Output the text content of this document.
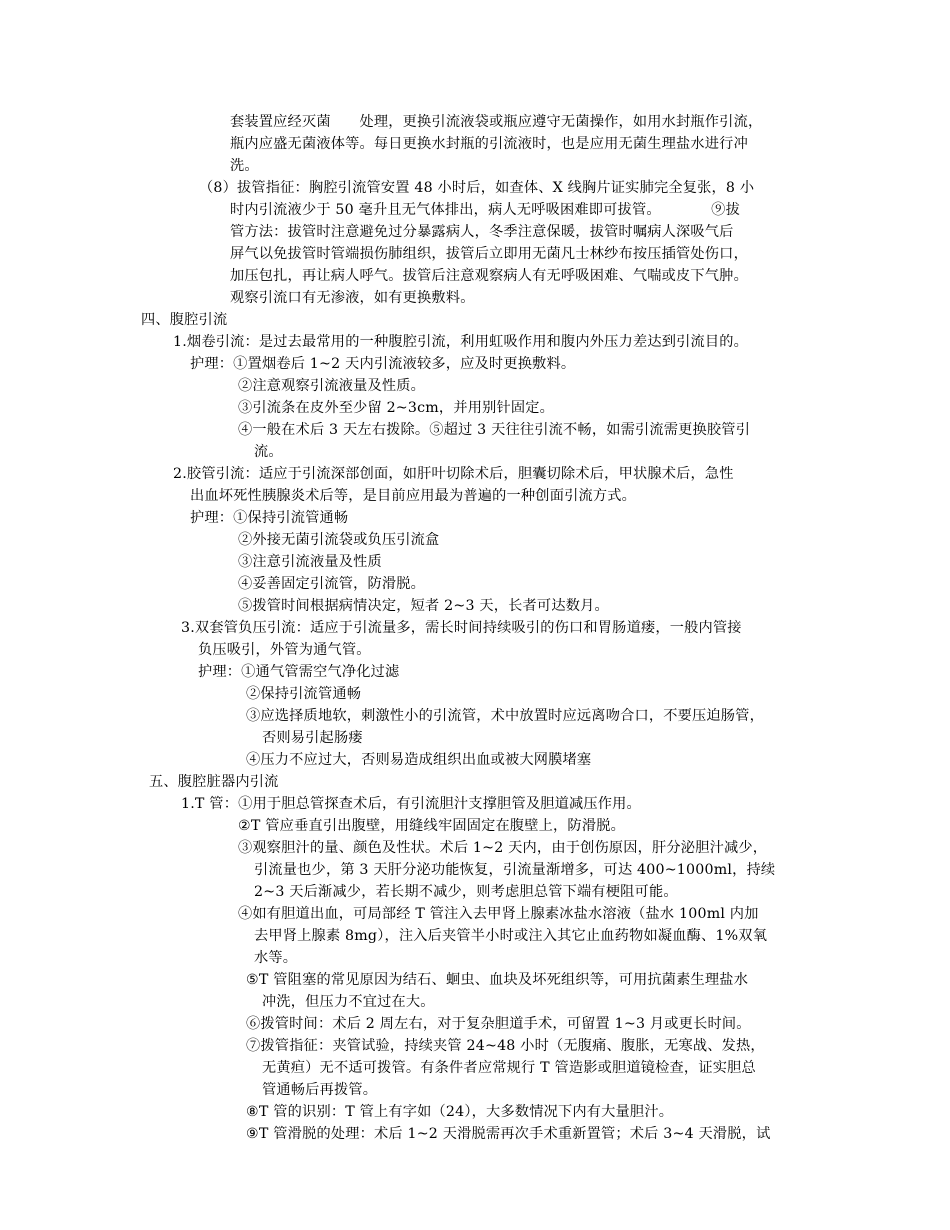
套装置应经灭菌　　处理，更换引流液袋或瓶应遵守无菌操作，如用水封瓶作引流，
瓶内应盛无菌液体等。每日更换水封瓶的引流液时，也是应用无菌生理盐水进行冲
洗。
（8）拔管指征：胸腔引流管安置 48 小时后，如查体、X 线胸片证实肺完全复张，8 小
时内引流液少于 50 毫升且无气体排出，病人无呼吸困难即可拔管。　　　　⑨拔
管方法：拔管时注意避免过分暴露病人，冬季注意保暖，拔管时嘱病人深吸气后
屏气以免拔管时管端损伤肺组织，拔管后立即用无菌凡士林纱布按压插管处伤口，
加压包扎，再让病人呼气。拔管后注意观察病人有无呼吸困难、气喘或皮下气肿。
观察引流口有无渗液，如有更换敷料。
四、腹腔引流
1.烟卷引流：是过去最常用的一种腹腔引流，利用虹吸作用和腹内外压力差达到引流目的。
护理：①置烟卷后 1~2 天内引流液较多，应及时更换敷料。
②注意观察引流液量及性质。
③引流条在皮外至少留 2~3cm，并用别针固定。
④一般在术后 3 天左右拨除。⑤超过 3 天往往引流不畅，如需引流需更换胶管引
流。
2.胶管引流：适应于引流深部创面，如肝叶切除术后，胆囊切除术后，甲状腺术后，急性
出血坏死性胰腺炎术后等，是目前应用最为普遍的一种创面引流方式。
护理：①保持引流管通畅
②外接无菌引流袋或负压引流盒
③注意引流液量及性质
④妥善固定引流管，防滑脱。
⑤拨管时间根据病情决定，短者 2~3 天，长者可达数月。
3.双套管负压引流：适应于引流量多，需长时间持续吸引的伤口和胃肠道瘘，一般内管接
负压吸引，外管为通气管。
护理：①通气管需空气净化过滤
②保持引流管通畅
③应选择质地软，刺激性小的引流管，术中放置时应远离吻合口，不要压迫肠管，
否则易引起肠瘘
④压力不应过大，否则易造成组织出血或被大网膜堵塞
五、腹腔脏器内引流
1.T 管：①用于胆总管探查术后，有引流胆汁支撑胆管及胆道减压作用。
②T 管应垂直引出腹壁，用缝线牢固固定在腹壁上，防滑脱。
③观察胆汁的量、颜色及性状。术后 1~2 天内，由于创伤原因，肝分泌胆汁减少，
引流量也少，第 3 天肝分泌功能恢复，引流量渐增多，可达 400~1000ml，持续
2~3 天后渐减少，若长期不减少，则考虑胆总管下端有梗阻可能。
④如有胆道出血，可局部经 T 管注入去甲肾上腺素冰盐水溶液（盐水 100ml 内加
去甲肾上腺素 8mg），注入后夹管半小时或注入其它止血药物如凝血酶、1%双氧
水等。
⑤T 管阻塞的常见原因为结石、蛔虫、血块及坏死组织等，可用抗菌素生理盐水
冲洗，但压力不宜过在大。
⑥拨管时间：术后 2 周左右，对于复杂胆道手术，可留置 1~3 月或更长时间。
⑦拨管指征：夹管试验，持续夹管 24~48 小时（无腹痛、腹胀，无寒战、发热，
无黄疸）无不适可拨管。有条件者应常规行 T 管造影或胆道镜检查，证实胆总
管通畅后再拨管。
⑧T 管的识别：T 管上有字如（24），大多数情况下内有大量胆汁。
⑨T 管滑脱的处理：术后 1~2 天滑脱需再次手术重新置管；术后 3~4 天滑脱，试
